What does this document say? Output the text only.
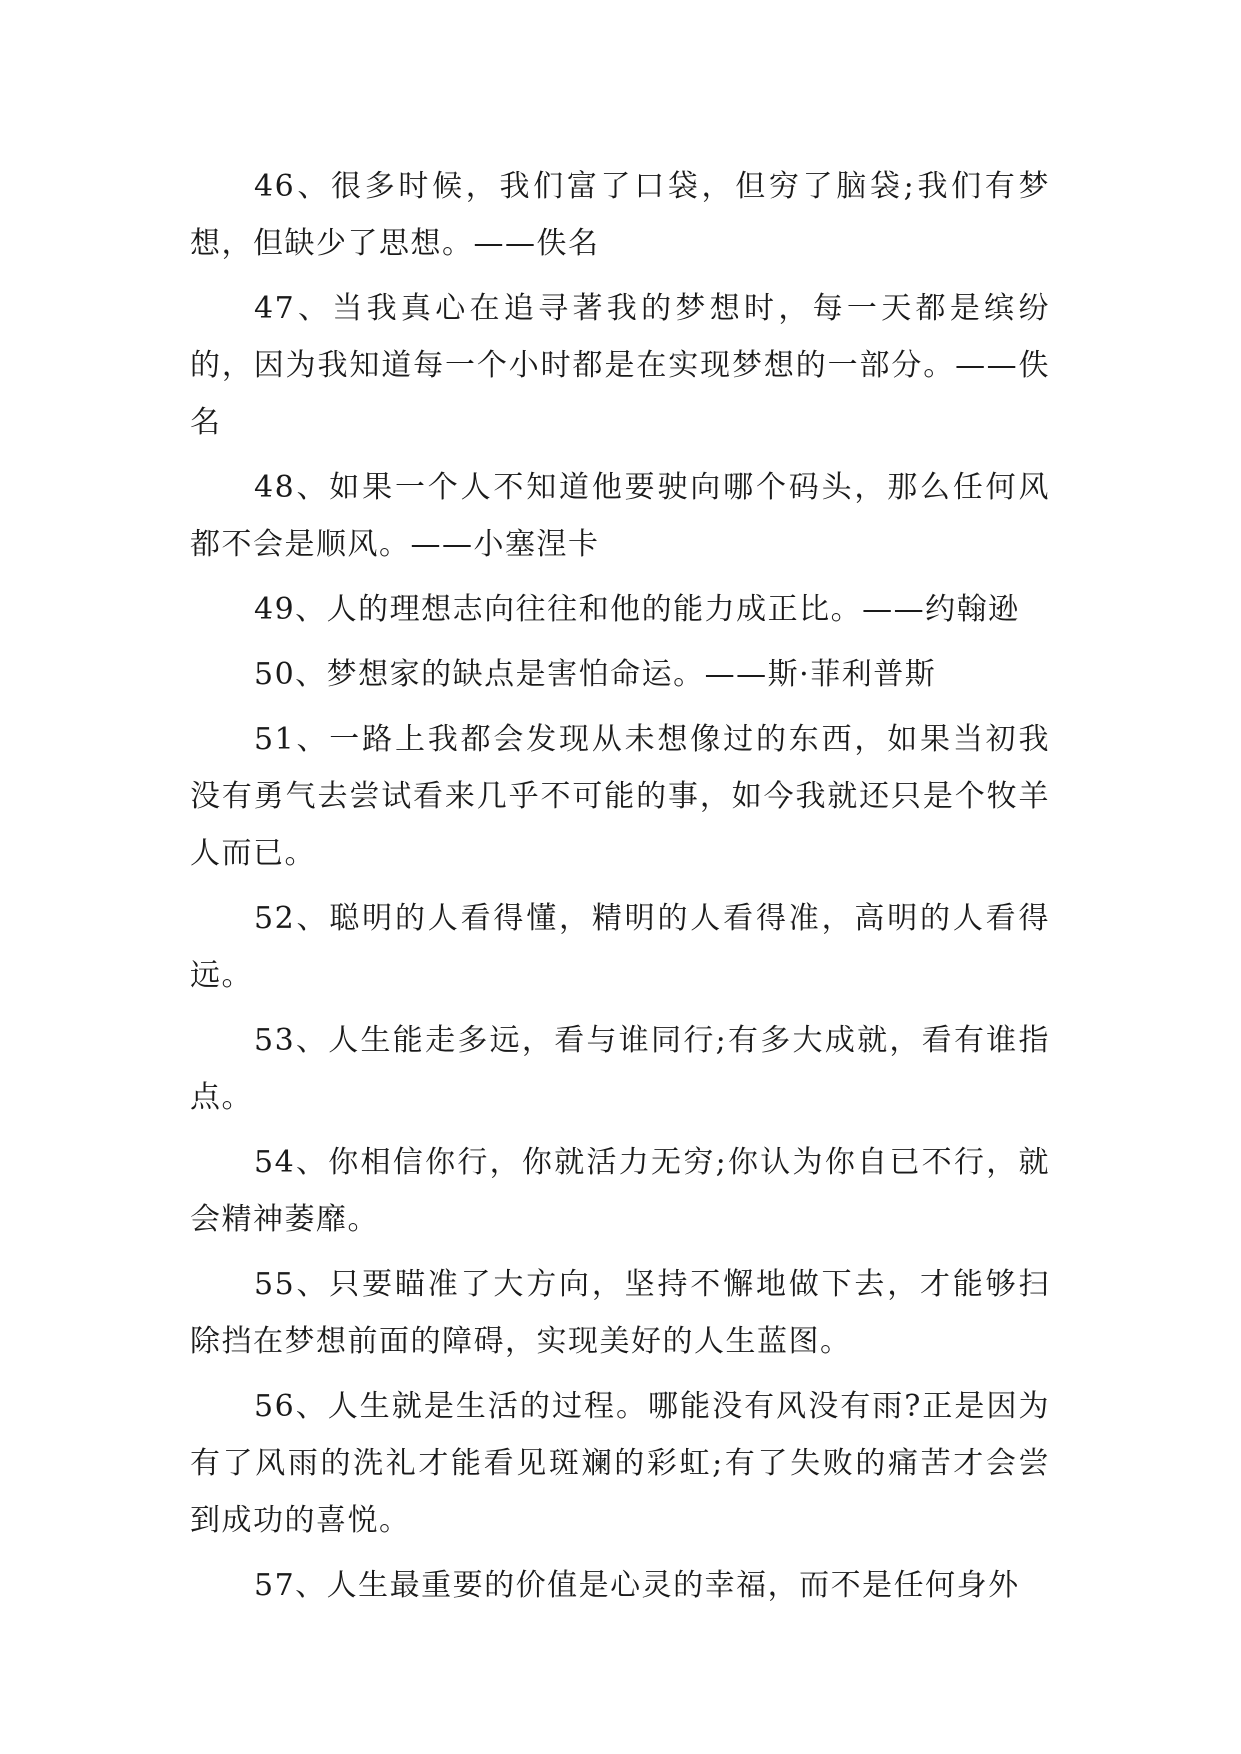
46、很多时候，我们富了口袋，但穷了脑袋;我们有梦想，但缺少了思想。——佚名

47、当我真心在追寻著我的梦想时，每一天都是缤纷的，因为我知道每一个小时都是在实现梦想的一部分。——佚名

48、如果一个人不知道他要驶向哪个码头，那么任何风都不会是顺风。——小塞涅卡

49、人的理想志向往往和他的能力成正比。——约翰逊

50、梦想家的缺点是害怕命运。——斯·菲利普斯

51、一路上我都会发现从未想像过的东西，如果当初我没有勇气去尝试看来几乎不可能的事，如今我就还只是个牧羊人而已。

52、聪明的人看得懂，精明的人看得准，高明的人看得远。

53、人生能走多远，看与谁同行;有多大成就，看有谁指点。

54、你相信你行，你就活力无穷;你认为你自已不行，就会精神萎靡。

55、只要瞄准了大方向，坚持不懈地做下去，才能够扫除挡在梦想前面的障碍，实现美好的人生蓝图。

56、人生就是生活的过程。哪能没有风没有雨?正是因为有了风雨的洗礼才能看见斑斓的彩虹;有了失败的痛苦才会尝到成功的喜悦。

57、人生最重要的价值是心灵的幸福，而不是任何身外
